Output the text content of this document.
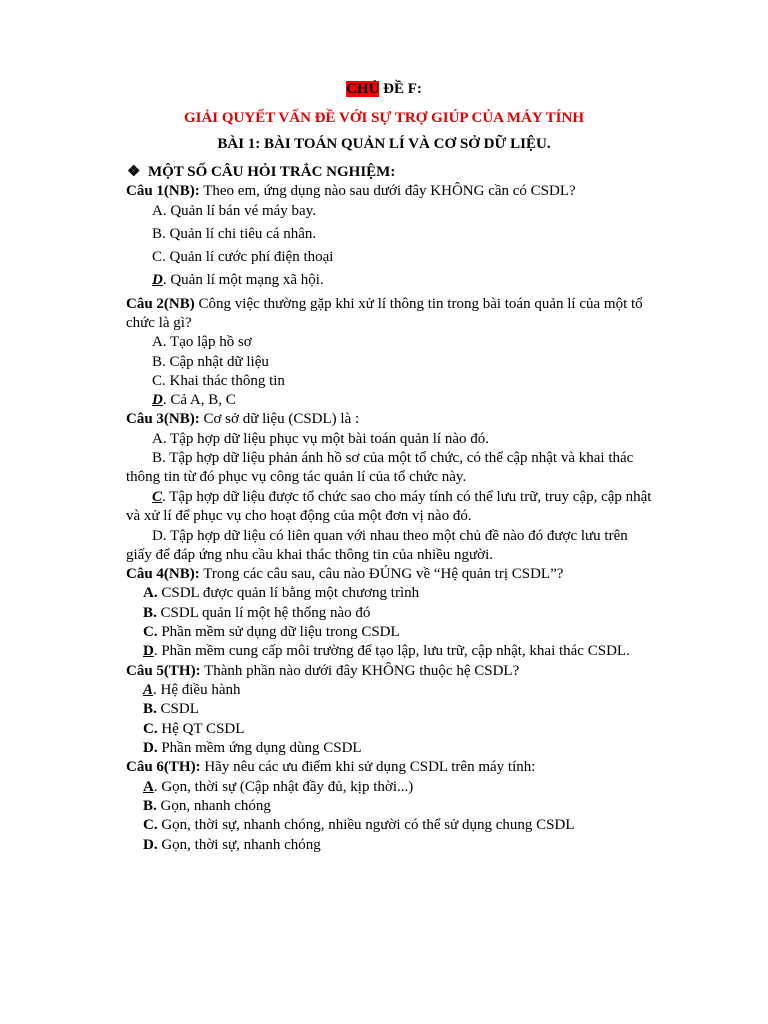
CHỦ ĐỀ F:
GIẢI QUYẾT VẤN ĐỀ VỚI SỰ TRỢ GIÚP CỦA MÁY TÍNH
BÀI 1: BÀI TOÁN QUẢN LÍ VÀ CƠ SỞ DỮ LIỆU.
❖ MỘT SỐ CÂU HỎI TRẮC NGHIỆM:
Câu 1(NB): Theo em, ứng dụng nào sau dưới đây KHÔNG cần có CSDL?
A. Quản lí bán vé máy bay.
B. Quản lí chi tiêu cá nhân.
C. Quản lí cước phí điện thoại
D. Quản lí một mạng xã hội.
Câu 2(NB) Công việc thường gặp khi xử lí thông tin trong bài toán quản lí của một tổ
chức là gì?
A. Tạo lập hồ sơ
B. Cập nhật dữ liệu
C. Khai thác thông tin
D. Cả A, B, C
Câu 3(NB): Cơ sở dữ liệu (CSDL) là :
A. Tập hợp dữ liệu phục vụ một bài toán quản lí nào đó.
B. Tập hợp dữ liệu phản ánh hồ sơ của một tổ chức, có thể cập nhật và khai thác
thông tin từ đó phục vụ công tác quản lí của tổ chức này.
C. Tập hợp dữ liệu được tổ chức sao cho máy tính có thể lưu trữ, truy cập, cập nhật
và xử lí để phục vụ cho hoạt động của một đơn vị nào đó.
D. Tập hợp dữ liệu có liên quan với nhau theo một chủ đề nào đó được lưu trên
giấy để đáp ứng nhu cầu khai thác thông tin của nhiều người.
Câu 4(NB): Trong các câu sau, câu nào ĐÚNG về “Hệ quản trị CSDL”?
A. CSDL được quản lí bằng một chương trình
B. CSDL quản lí một hệ thống nào đó
C. Phần mềm sử dụng dữ liệu trong CSDL
D. Phần mềm cung cấp môi trường để tạo lập, lưu trữ, cập nhật, khai thác CSDL.
Câu 5(TH): Thành phần nào dưới đây KHÔNG thuộc hệ CSDL?
A. Hệ điều hành
B. CSDL
C. Hệ QT CSDL
D. Phần mềm ứng dụng dùng CSDL
Câu 6(TH): Hãy nêu các ưu điểm khi sử dụng CSDL trên máy tính:
A. Gọn, thời sự (Cập nhật đầy đủ, kịp thời...)
B. Gọn, nhanh chóng
C. Gọn, thời sự, nhanh chóng, nhiều người có thể sử dụng chung CSDL
D. Gọn, thời sự, nhanh chóng
